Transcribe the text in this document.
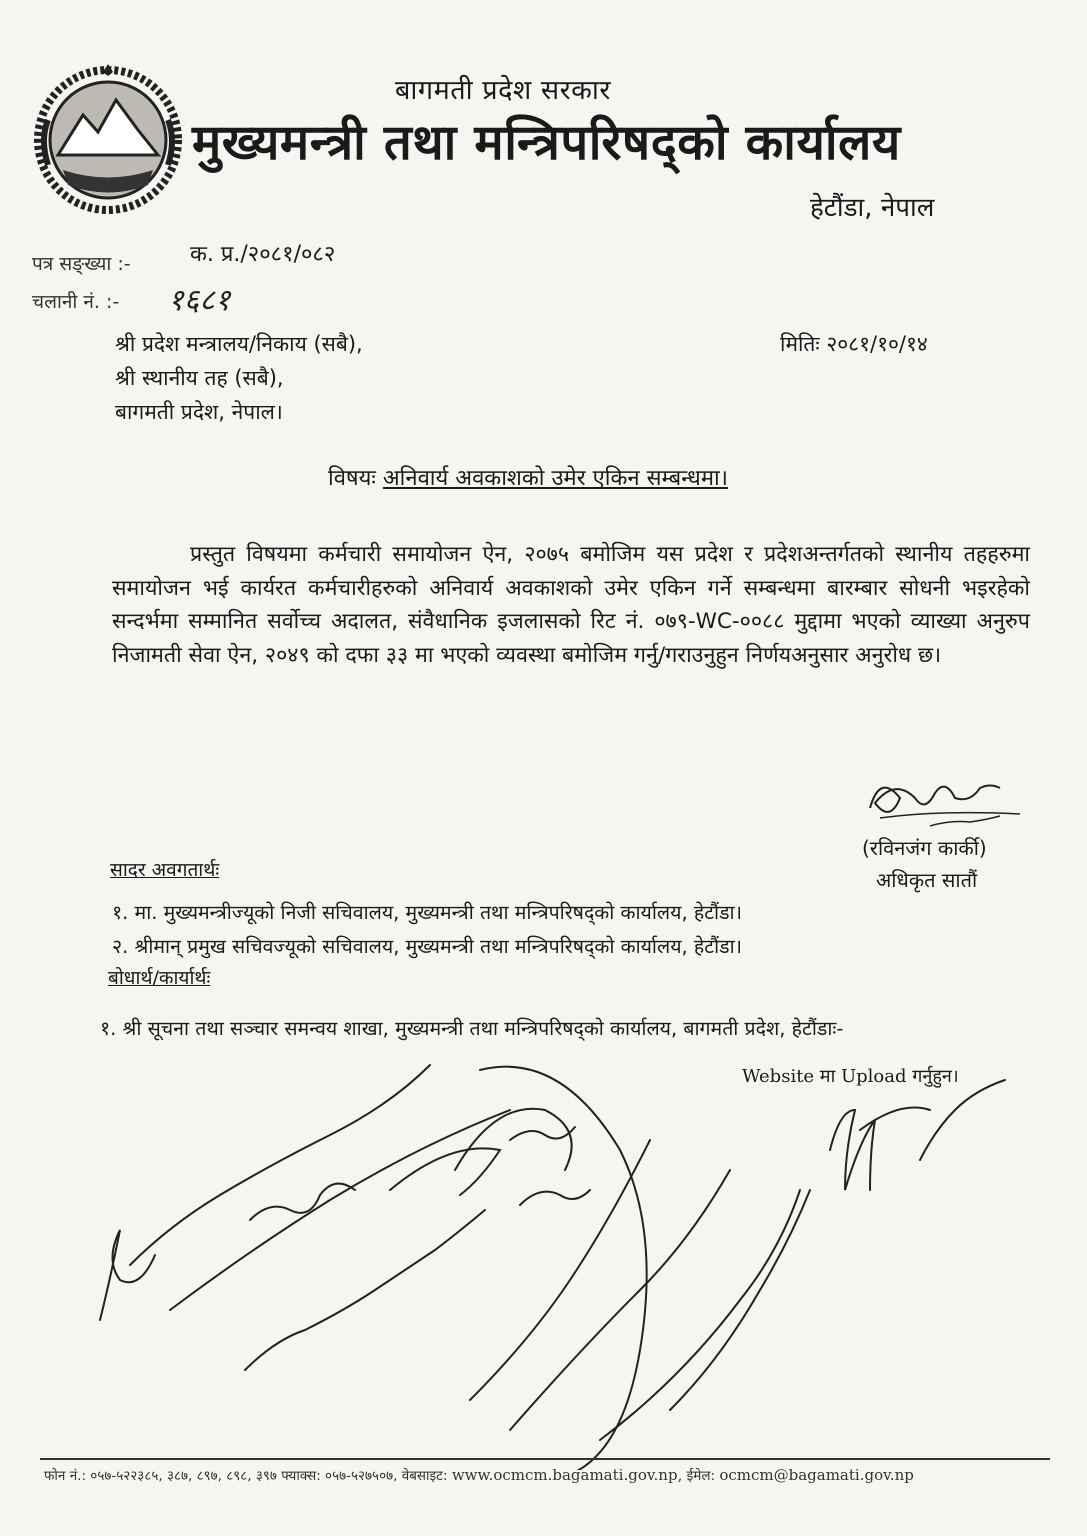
बागमती प्रदेश सरकार
मुख्यमन्त्री तथा मन्त्रिपरिषद्को कार्यालय
हेटौंडा, नेपाल
पत्र सङ्ख्या :-	क. प्र./२०८१/०८२
चलानी नं. :- १६८१
श्री प्रदेश मन्त्रालय/निकाय (सबै),
श्री स्थानीय तह (सबै),
बागमती प्रदेश, नेपाल।
मितिः २०८१/१०/१४
विषयः अनिवार्य अवकाशको उमेर एकिन सम्बन्धमा।
प्रस्तुत विषयमा कर्मचारी समायोजन ऐन, २०७५ बमोजिम यस प्रदेश र प्रदेशअन्तर्गतको स्थानीय तहहरुमा समायोजन भई कार्यरत कर्मचारीहरुको अनिवार्य अवकाशको उमेर एकिन गर्ने सम्बन्धमा बारम्बार सोधनी भइरहेको सन्दर्भमा सम्मानित सर्वोच्च अदालत, संवैधानिक इजलासको रिट नं. ०७९-WC-००८८ मुद्दामा भएको व्याख्या अनुरुप निजामती सेवा ऐन, २०४९ को दफा ३३ मा भएको व्यवस्था बमोजिम गर्नु/गराउनुहुन निर्णयअनुसार अनुरोध छ।
(रविनजंग कार्की)
अधिकृत सातौं
सादर अवगतार्थः
१. मा. मुख्यमन्त्रीज्यूको निजी सचिवालय, मुख्यमन्त्री तथा मन्त्रिपरिषद्को कार्यालय, हेटौंडा।
२. श्रीमान् प्रमुख सचिवज्यूको सचिवालय, मुख्यमन्त्री तथा मन्त्रिपरिषद्को कार्यालय, हेटौंडा।
बोधार्थ/कार्यार्थः
१. श्री सूचना तथा सञ्चार समन्वय शाखा, मुख्यमन्त्री तथा मन्त्रिपरिषद्को कार्यालय, बागमती प्रदेश, हेटौंडाः-
Website मा Upload गर्नुहुन।
फोन नं.: ०५७-५२२३८५, ३८७, ८९७, ८९८, ३९७ फ्याक्स: ०५७-५२७५०७, वेबसाइट: www.ocmcm.bagamati.gov.np, ईमेल: ocmcm@bagamati.gov.np
